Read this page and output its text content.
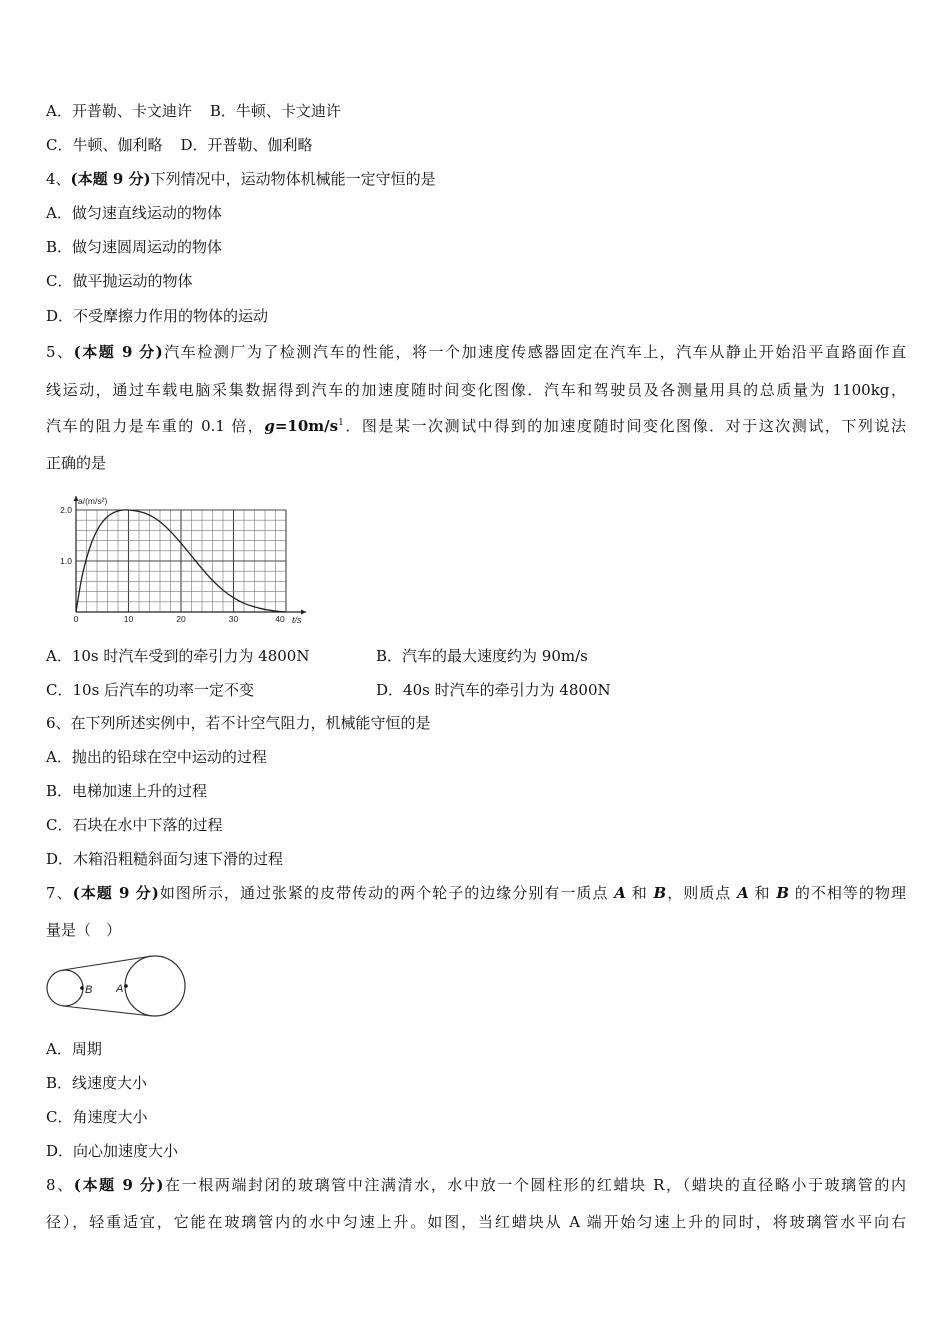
A．开普勒、卡文迪许 B．牛顿、卡文迪许
C．牛顿、伽利略 D．开普勒、伽利略
4、(本题 9 分)下列情况中，运动物体机械能一定守恒的是
A．做匀速直线运动的物体
B．做匀速圆周运动的物体
C．做平抛运动的物体
D．不受摩擦力作用的物体的运动
5、(本题 9 分)汽车检测厂为了检测汽车的性能，将一个加速度传感器固定在汽车上，汽车从静止开始沿平直路面作直
线运动，通过车载电脑采集数据得到汽车的加速度随时间变化图像．汽车和驾驶员及各测量用具的总质量为 1100kg，
汽车的阻力是车重的 0.1 倍，$g=10m/s^1$．图是某一次测试中得到的加速度随时间变化图像．对于这次测试，下列说法
正确的是
0	10	20	30	40
1.0
2.0
a/(m/s²)
t/s
A．10s 时汽车受到的牵引力为 4800N	B．汽车的最大速度约为 90m/s
C．10s 后汽车的功率一定不变	D．40s 时汽车的牵引力为 4800N
6、在下列所述实例中，若不计空气阻力，机械能守恒的是
A．抛出的铅球在空中运动的过程
B．电梯加速上升的过程
C．石块在水中下落的过程
D．木箱沿粗糙斜面匀速下滑的过程
7、(本题 9 分)如图所示，通过张紧的皮带传动的两个轮子的边缘分别有一质点 A 和 B，则质点 A 和 B 的不相等的物理
量是（　）
B A
A．周期
B．线速度大小
C．角速度大小
D．向心加速度大小
8、(本题 9 分)在一根两端封闭的玻璃管中注满清水，水中放一个圆柱形的红蜡块 R，（蜡块的直径略小于玻璃管的内
径），轻重适宜，它能在玻璃管内的水中匀速上升。如图，当红蜡块从 A 端开始匀速上升的同时，将玻璃管水平向右
